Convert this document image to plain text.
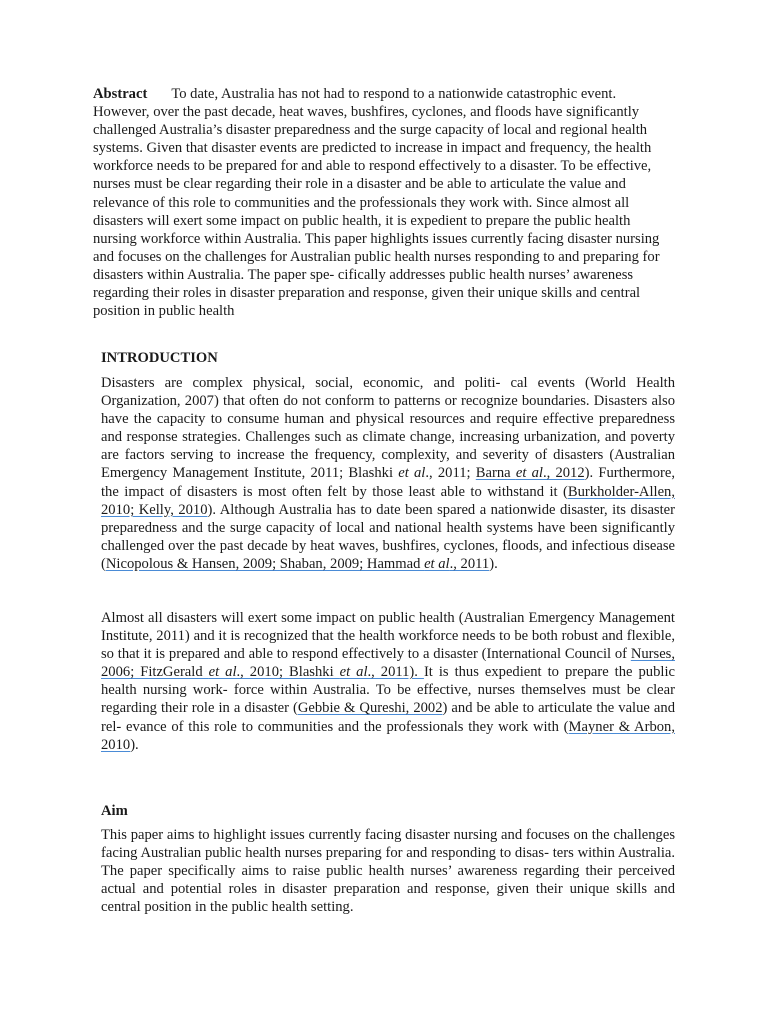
Abstract To date, Australia has not had to respond to a nationwide catastrophic event. However, over the past decade, heat waves, bushfires, cyclones, and floods have significantly challenged Australia’s disaster preparedness and the surge capacity of local and regional health systems. Given that disaster events are predicted to increase in impact and frequency, the health workforce needs to be prepared for and able to respond effectively to a disaster. To be effective, nurses must be clear regarding their role in a disaster and be able to articulate the value and relevance of this role to communities and the professionals they work with. Since almost all disasters will exert some impact on public health, it is expedient to prepare the public health nursing workforce within Australia. This paper highlights issues currently facing disaster nursing and focuses on the challenges for Australian public health nurses responding to and preparing for disasters within Australia. The paper spe- cifically addresses public health nurses’ awareness regarding their roles in disaster preparation and response, given their unique skills and central position in public health
INTRODUCTION
Disasters are complex physical, social, economic, and politi- cal events (World Health Organization, 2007) that often do not conform to patterns or recognize boundaries. Disasters also have the capacity to consume human and physical resources and require effective preparedness and response strategies. Challenges such as climate change, increasing urbanization, and poverty are factors serving to increase the frequency, complexity, and severity of disasters (Australian Emergency Management Institute, 2011; Blashki et al., 2011; Barna et al., 2012). Furthermore, the impact of disasters is most often felt by those least able to withstand it (Burkholder-Allen, 2010; Kelly, 2010). Although Australia has to date been spared a nationwide disaster, its disaster preparedness and the surge capacity of local and national health systems have been significantly challenged over the past decade by heat waves, bushfires, cyclones, floods, and infectious disease (Nicopolous & Hansen, 2009; Shaban, 2009; Hammad et al., 2011).
Almost all disasters will exert some impact on public health (Australian Emergency Management Institute, 2011) and it is recognized that the health workforce needs to be both robust and flexible, so that it is prepared and able to respond effectively to a disaster (International Council of Nurses, 2006; FitzGerald et al., 2010; Blashki et al., 2011). It is thus expedient to prepare the public health nursing work- force within Australia. To be effective, nurses themselves must be clear regarding their role in a disaster (Gebbie & Qureshi, 2002) and be able to articulate the value and rel- evance of this role to communities and the professionals they work with (Mayner & Arbon, 2010).
Aim
This paper aims to highlight issues currently facing disaster nursing and focuses on the challenges facing Australian public health nurses preparing for and responding to disas- ters within Australia. The paper specifically aims to raise public health nurses’ awareness regarding their perceived actual and potential roles in disaster preparation and response, given their unique skills and central position in the public health setting.
